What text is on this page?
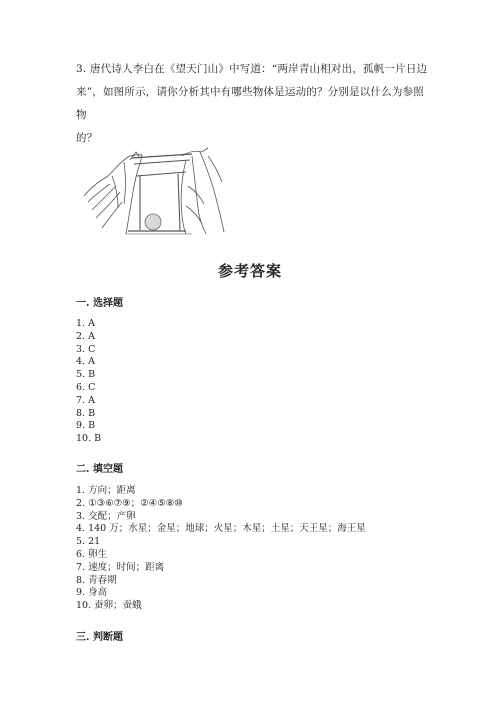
3. 唐代诗人李白在《望天门山》中写道：“两岸青山相对出，孤帆一片日边
来”，如图所示，请你分析其中有哪些物体是运动的？分别是以什么为参照物
的？
参考答案
一. 选择题
1. A
2. A
3. C
4. A
5. B
6. C
7. A
8. B
9. B
10. B
二. 填空题
1. 方向；距离
2. ①③⑥⑦⑨；②④⑤⑧⑩
3. 交配；产卵
4. 140 万；水星；金星；地球；火星；木星；土星；天王星；海王星
5. 21
6. 卵生
7. 速度；时间；距离
8. 青春期
9. 身高
10. 蚕卵；蚕蛾
三. 判断题
